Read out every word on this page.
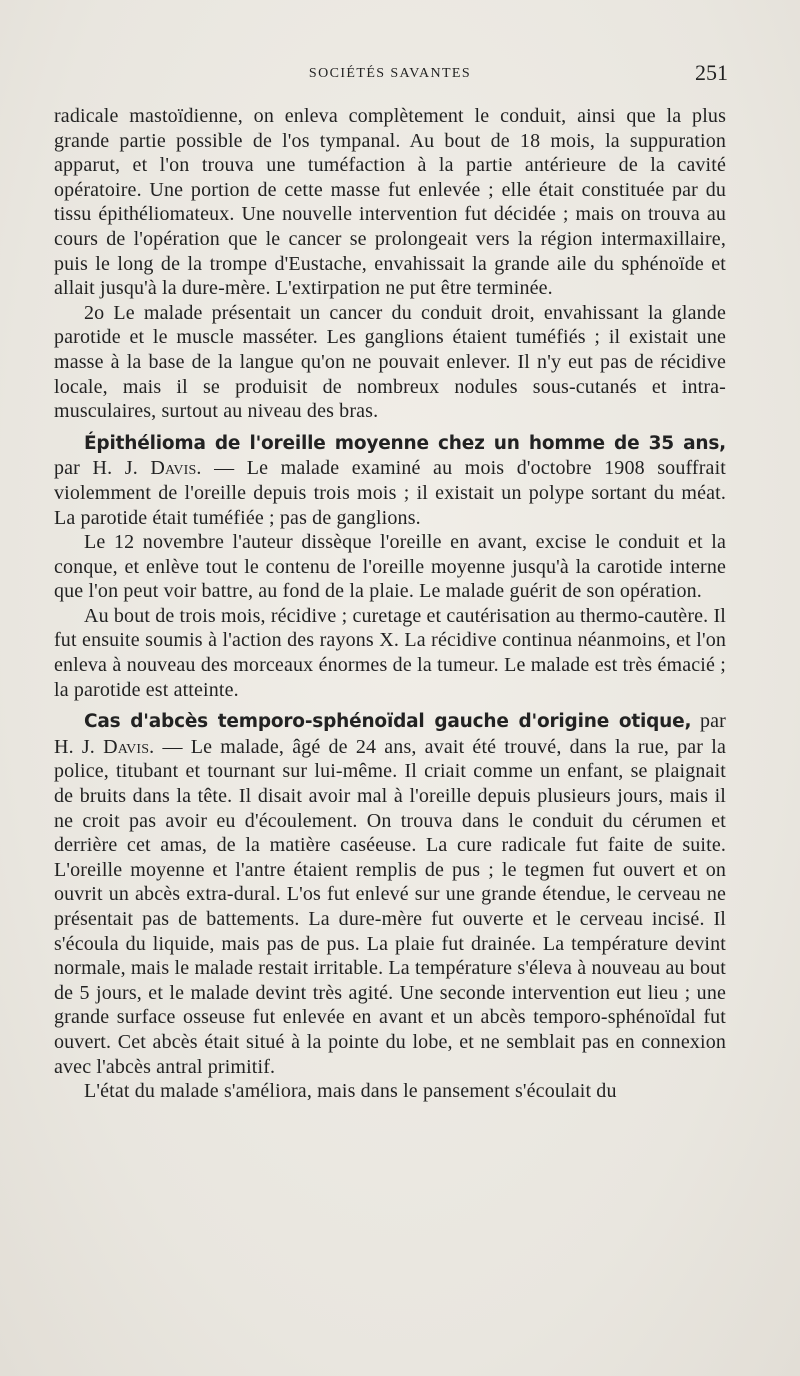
SOCIÉTÉS SAVANTES	251

radicale mastoïdienne, on enleva complètement le conduit, ainsi que la plus grande partie possible de l'os tympanal. Au bout de 18 mois, la suppuration apparut, et l'on trouva une tuméfaction à la partie antérieure de la cavité opératoire. Une portion de cette masse fut enlevée ; elle était constituée par du tissu épithéliomateux. Une nouvelle intervention fut décidée ; mais on trouva au cours de l'opération que le cancer se prolongeait vers la région intermaxillaire, puis le long de la trompe d'Eustache, envahissait la grande aile du sphénoïde et allait jusqu'à la dure-mère. L'extirpation ne put être terminée.

2o Le malade présentait un cancer du conduit droit, envahissant la glande parotide et le muscle masséter. Les ganglions étaient tuméfiés ; il existait une masse à la base de la langue qu'on ne pouvait enlever. Il n'y eut pas de récidive locale, mais il se produisit de nombreux nodules sous-cutanés et intra-musculaires, surtout au niveau des bras.

Épithélioma de l'oreille moyenne chez un homme de 35 ans, par H. J. Davis. — Le malade examiné au mois d'octobre 1908 souffrait violemment de l'oreille depuis trois mois ; il existait un polype sortant du méat. La parotide était tuméfiée ; pas de ganglions.

Le 12 novembre l'auteur dissèque l'oreille en avant, excise le conduit et la conque, et enlève tout le contenu de l'oreille moyenne jusqu'à la carotide interne que l'on peut voir battre, au fond de la plaie. Le malade guérit de son opération.

Au bout de trois mois, récidive ; curetage et cautérisation au thermo-cautère. Il fut ensuite soumis à l'action des rayons X. La récidive continua néanmoins, et l'on enleva à nouveau des morceaux énormes de la tumeur. Le malade est très émacié ; la parotide est atteinte.

Cas d'abcès temporo-sphénoïdal gauche d'origine otique, par H. J. Davis. — Le malade, âgé de 24 ans, avait été trouvé, dans la rue, par la police, titubant et tournant sur lui-même. Il criait comme un enfant, se plaignait de bruits dans la tête. Il disait avoir mal à l'oreille depuis plusieurs jours, mais il ne croit pas avoir eu d'écoulement. On trouva dans le conduit du cérumen et derrière cet amas, de la matière caséeuse. La cure radicale fut faite de suite. L'oreille moyenne et l'antre étaient remplis de pus ; le tegmen fut ouvert et on ouvrit un abcès extra-dural. L'os fut enlevé sur une grande étendue, le cerveau ne présentait pas de battements. La dure-mère fut ouverte et le cerveau incisé. Il s'écoula du liquide, mais pas de pus. La plaie fut drainée. La température devint normale, mais le malade restait irritable. La température s'éleva à nouveau au bout de 5 jours, et le malade devint très agité. Une seconde intervention eut lieu ; une grande surface osseuse fut enlevée en avant et un abcès temporo-sphénoïdal fut ouvert. Cet abcès était situé à la pointe du lobe, et ne semblait pas en connexion avec l'abcès antral primitif.

L'état du malade s'améliora, mais dans le pansement s'écoulait du
